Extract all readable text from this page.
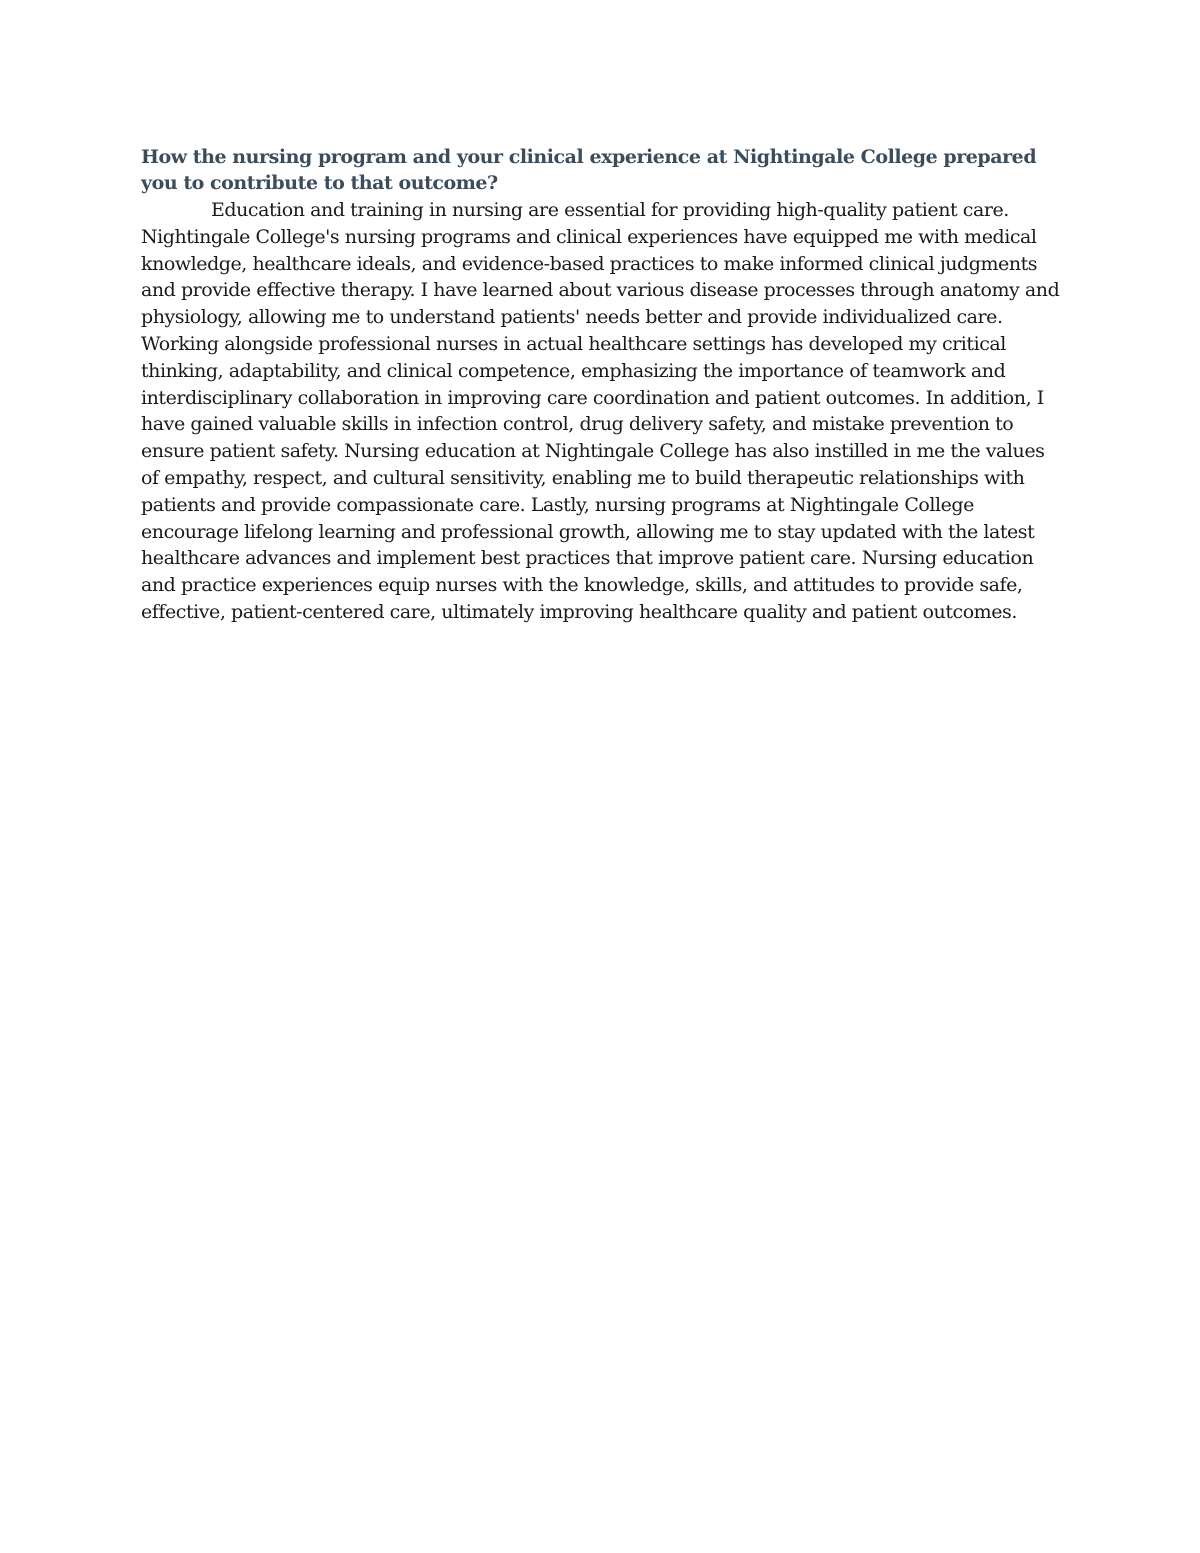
How the nursing program and your clinical experience at Nightingale College prepared you to contribute to that outcome?

Education and training in nursing are essential for providing high-quality patient care. Nightingale College's nursing programs and clinical experiences have equipped me with medical knowledge, healthcare ideals, and evidence-based practices to make informed clinical judgments and provide effective therapy. I have learned about various disease processes through anatomy and physiology, allowing me to understand patients' needs better and provide individualized care. Working alongside professional nurses in actual healthcare settings has developed my critical thinking, adaptability, and clinical competence, emphasizing the importance of teamwork and interdisciplinary collaboration in improving care coordination and patient outcomes. In addition, I have gained valuable skills in infection control, drug delivery safety, and mistake prevention to ensure patient safety. Nursing education at Nightingale College has also instilled in me the values of empathy, respect, and cultural sensitivity, enabling me to build therapeutic relationships with patients and provide compassionate care. Lastly, nursing programs at Nightingale College encourage lifelong learning and professional growth, allowing me to stay updated with the latest healthcare advances and implement best practices that improve patient care. Nursing education and practice experiences equip nurses with the knowledge, skills, and attitudes to provide safe, effective, patient-centered care, ultimately improving healthcare quality and patient outcomes.
